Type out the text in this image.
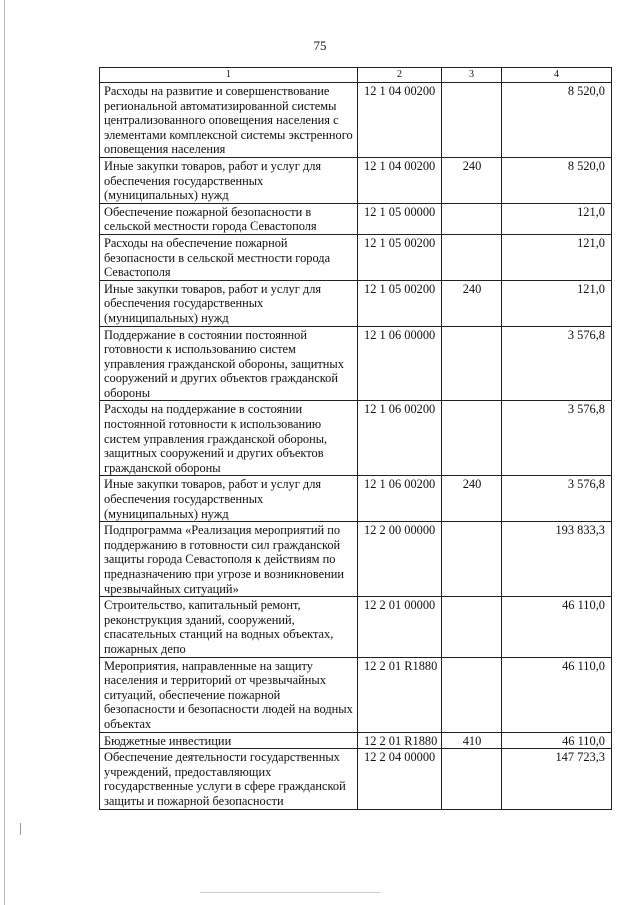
75
1	2	3	4
Расходы на развитие и совершенствование региональной автоматизированной системы централизованного оповещения населения с элементами комплексной системы экстренного оповещения населения	12 1 04 00200		8 520,0
Иные закупки товаров, работ и услуг для обеспечения государственных (муниципальных) нужд	12 1 04 00200	240	8 520,0
Обеспечение пожарной безопасности в сельской местности города Севастополя	12 1 05 00000		121,0
Расходы на обеспечение пожарной безопасности в сельской местности города Севастополя	12 1 05 00200		121,0
Иные закупки товаров, работ и услуг для обеспечения государственных (муниципальных) нужд	12 1 05 00200	240	121,0
Поддержание в состоянии постоянной готовности к использованию систем управления гражданской обороны, защитных сооружений и других объектов гражданской обороны	12 1 06 00000		3 576,8
Расходы на поддержание в состоянии постоянной готовности к использованию систем управления гражданской обороны, защитных сооружений и других объектов гражданской обороны	12 1 06 00200		3 576,8
Иные закупки товаров, работ и услуг для обеспечения государственных (муниципальных) нужд	12 1 06 00200	240	3 576,8
Подпрограмма «Реализация мероприятий по поддержанию в готовности сил гражданской защиты города Севастополя к действиям по предназначению при угрозе и возникновении чрезвычайных ситуаций»	12 2 00 00000		193 833,3
Строительство, капитальный ремонт, реконструкция зданий, сооружений, спасательных станций на водных объектах, пожарных депо	12 2 01 00000		46 110,0
Мероприятия, направленные на защиту населения и территорий от чрезвычайных ситуаций, обеспечение пожарной безопасности и безопасности людей на водных объектах	12 2 01 R1880		46 110,0
Бюджетные инвестиции	12 2 01 R1880	410	46 110,0
Обеспечение деятельности государственных учреждений, предоставляющих государственные услуги в сфере гражданской защиты и пожарной безопасности	12 2 04 00000		147 723,3
